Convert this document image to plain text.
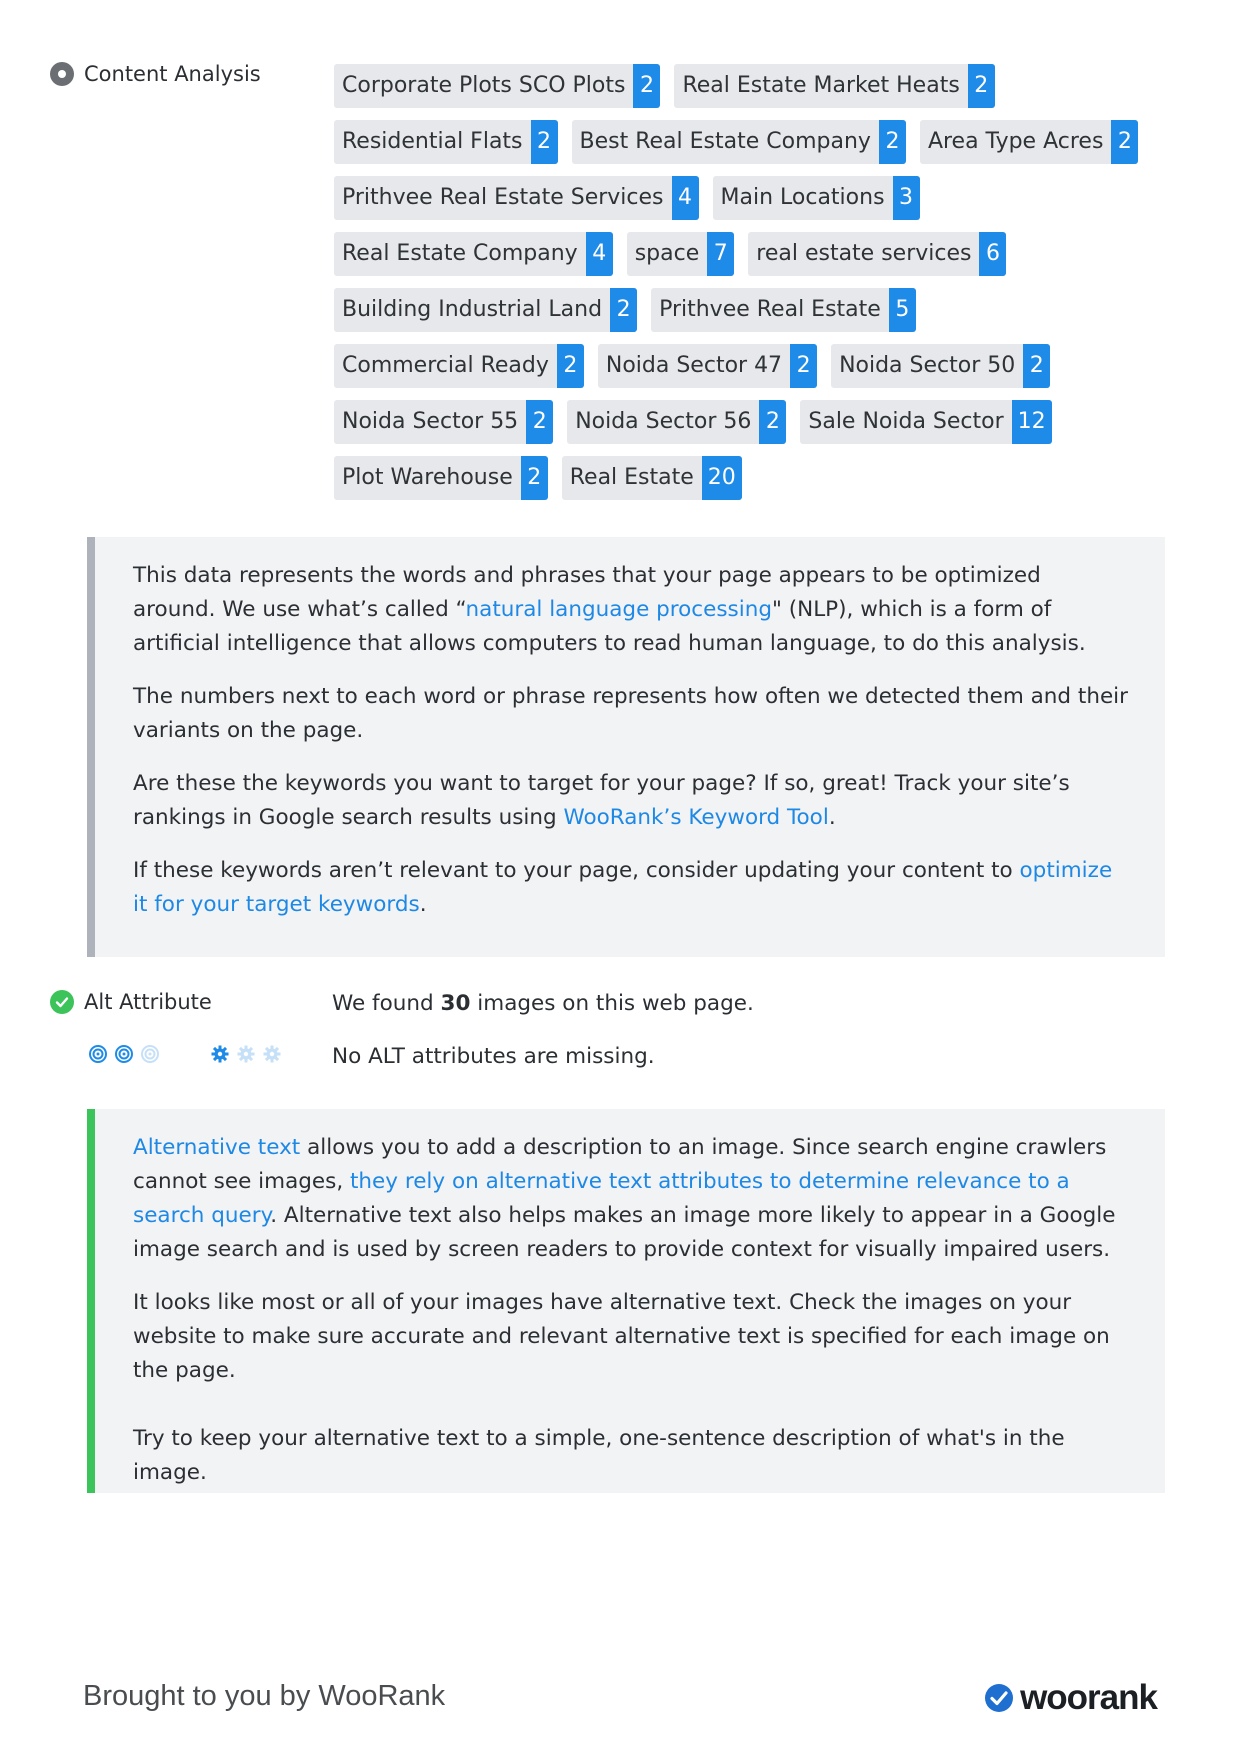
Content Analysis	Corporate Plots SCO Plots 2	Real Estate Market Heats 2
Residential Flats 2	Best Real Estate Company 2	Area Type Acres 2
Prithvee Real Estate Services 4	Main Locations 3
Real Estate Company 4	space 7	real estate services 6
Building Industrial Land 2	Prithvee Real Estate 5
Commercial Ready 2	Noida Sector 47 2	Noida Sector 50 2
Noida Sector 55 2	Noida Sector 56 2	Sale Noida Sector 12
Plot Warehouse 2	Real Estate 20

This data represents the words and phrases that your page appears to be optimized around. We use what’s called “natural language processing" (NLP), which is a form of artificial intelligence that allows computers to read human language, to do this analysis.

The numbers next to each word or phrase represents how often we detected them and their variants on the page.

Are these the keywords you want to target for your page? If so, great! Track your site’s rankings in Google search results using WooRank’s Keyword Tool.

If these keywords aren’t relevant to your page, consider updating your content to optimize it for your target keywords.

Alt Attribute	We found 30 images on this web page.
No ALT attributes are missing.

Alternative text allows you to add a description to an image. Since search engine crawlers cannot see images, they rely on alternative text attributes to determine relevance to a search query. Alternative text also helps makes an image more likely to appear in a Google image search and is used by screen readers to provide context for visually impaired users.

It looks like most or all of your images have alternative text. Check the images on your website to make sure accurate and relevant alternative text is specified for each image on the page.

Try to keep your alternative text to a simple, one-sentence description of what's in the image.

Brought to you by WooRank	woorank
